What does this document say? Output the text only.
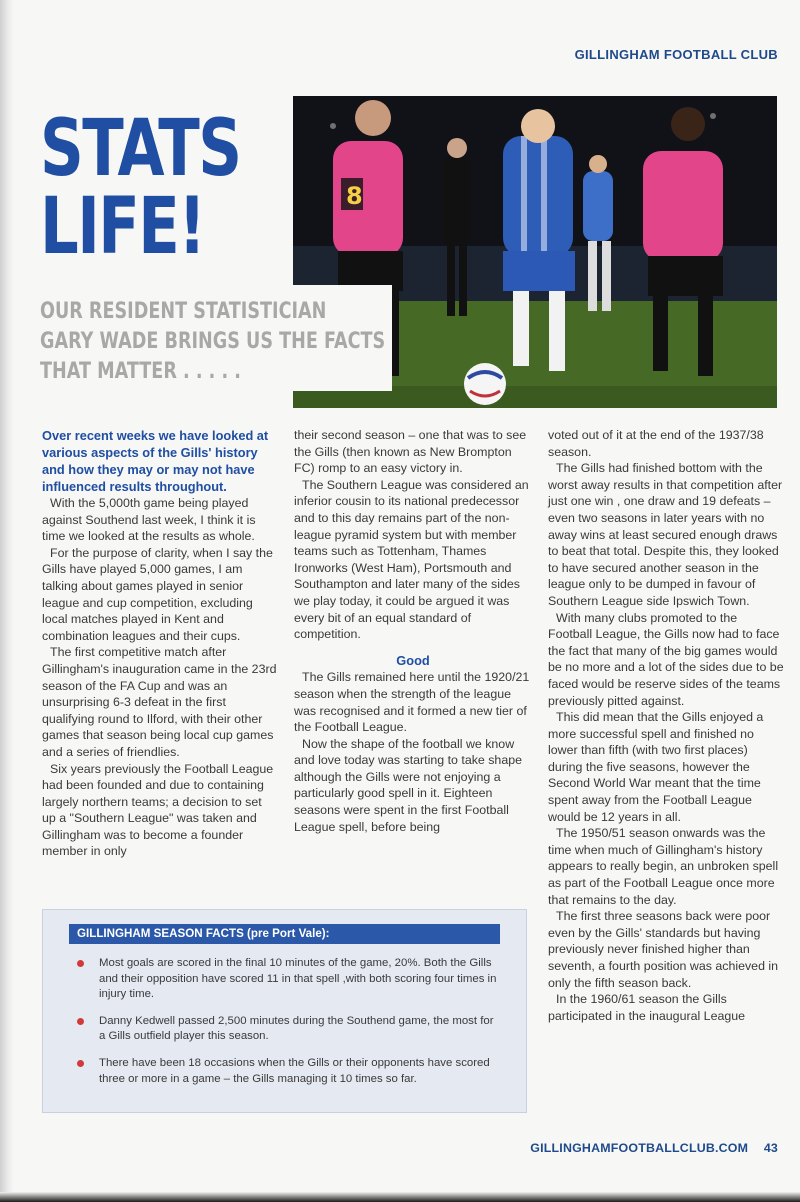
GILLINGHAM FOOTBALL CLUB
STATS
LIFE!	8
OUR RESIDENT STATISTICIAN
GARY WADE BRINGS US THE FACTS
THAT MATTER . . . . .

Over recent weeks we have looked at various aspects of the Gills' history and how they may or may not have influenced results throughout.

With the 5,000th game being played against Southend last week, I think it is time we looked at the results as whole.

For the purpose of clarity, when I say the Gills have played 5,000 games, I am talking about games played in senior league and cup competition, excluding local matches played in Kent and combination leagues and their cups.

The first competitive match after Gillingham's inauguration came in the 23rd season of the FA Cup and was an unsurprising 6-3 defeat in the first qualifying round to Ilford, with their other games that season being local cup games and a series of friendlies.

Six years previously the Football League had been founded and due to containing largely northern teams; a decision to set up a "Southern League" was taken and Gillingham was to become a founder member in only

their second season – one that was to see the Gills (then known as New Brompton FC) romp to an easy victory in.

The Southern League was considered an inferior cousin to its national predecessor and to this day remains part of the non-league pyramid system but with member teams such as Tottenham, Thames Ironworks (West Ham), Portsmouth and Southampton and later many of the sides we play today, it could be argued it was every bit of an equal standard of competition.

Good

The Gills remained here until the 1920/21 season when the strength of the league was recognised and it formed a new tier of the Football League.

Now the shape of the football we know and love today was starting to take shape although the Gills were not enjoying a particularly good spell in it. Eighteen seasons were spent in the first Football League spell, before being

voted out of it at the end of the 1937/38 season.

The Gills had finished bottom with the worst away results in that competition after just one win , one draw and 19 defeats – even two seasons in later years with no away wins at least secured enough draws to beat that total. Despite this, they looked to have secured another season in the league only to be dumped in favour of Southern League side Ipswich Town.

With many clubs promoted to the Football League, the Gills now had to face the fact that many of the big games would be no more and a lot of the sides due to be faced would be reserve sides of the teams previously pitted against.

This did mean that the Gills enjoyed a more successful spell and finished no lower than fifth (with two first places) during the five seasons, however the Second World War meant that the time spent away from the Football League would be 12 years in all.

The 1950/51 season onwards was the time when much of Gillingham's history appears to really begin, an unbroken spell as part of the Football League once more that remains to the day.

The first three seasons back were poor even by the Gills' standards but having previously never finished higher than seventh, a fourth position was achieved in only the fifth season back.

In the 1960/61 season the Gills participated in the inaugural League

GILLINGHAM SEASON FACTS (pre Port Vale):
Most goals are scored in the final 10 minutes of the game, 20%. Both the Gills and their opposition have scored 11 in that spell ,with both scoring four times in injury time.
Danny Kedwell passed 2,500 minutes during the Southend game, the most for a Gills outfield player this season.
There have been 18 occasions when the Gills or their opponents have scored three or more in a game – the Gills managing it 10 times so far.
GILLINGHAMFOOTBALLCLUB.COM 43
